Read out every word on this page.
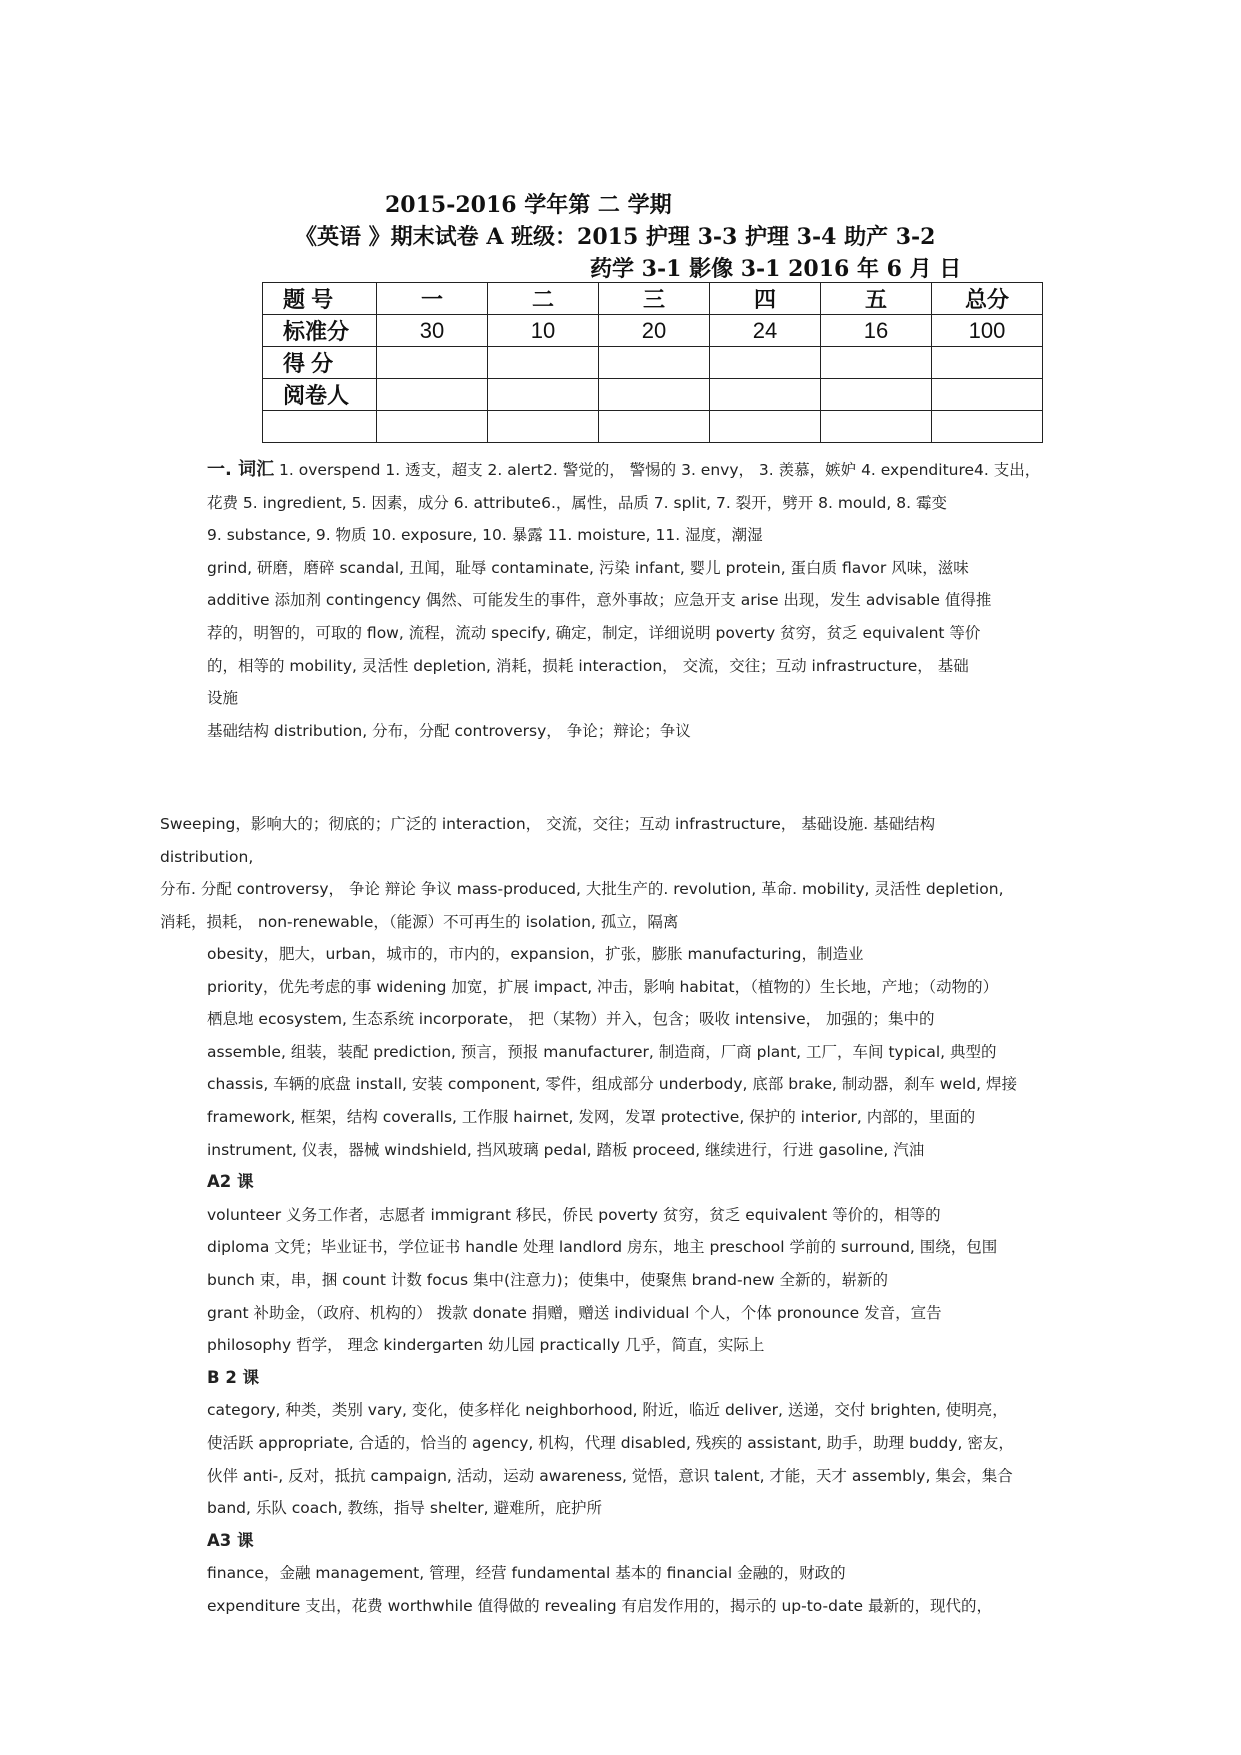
2015-2016 学年第 二 学期
《英语 》期末试卷 A 班级：2015 护理 3-3 护理 3-4 助产 3-2
药学 3-1 影像 3-1 2016 年 6 月 日
题 号	一	二	三	四	五	总分
标准分	30	10	20	24	16	100
得 分						
阅卷人						

一. 词汇 1. overspend 1. 透支，超支 2. alert2. 警觉的， 警惕的 3. envy， 3. 羡慕，嫉妒 4. expenditure4. 支出，

花费 5. ingredient, 5. 因素，成分 6. attribute6.，属性，品质 7. split, 7. 裂开，劈开 8. mould, 8. 霉变

9. substance, 9. 物质 10. exposure, 10. 暴露 11. moisture, 11. 湿度，潮湿

grind, 研磨，磨碎 scandal, 丑闻，耻辱 contaminate, 污染 infant, 婴儿 protein, 蛋白质 flavor 风味，滋味

additive 添加剂 contingency 偶然、可能发生的事件，意外事故；应急开支 arise 出现，发生 advisable 值得推

荐的，明智的，可取的 flow, 流程，流动 specify, 确定，制定，详细说明 poverty 贫穷，贫乏 equivalent 等价

的，相等的 mobility, 灵活性 depletion, 消耗，损耗 interaction， 交流，交往；互动 infrastructure， 基础

设施

基础结构 distribution, 分布，分配 controversy， 争论；辩论；争议

Sweeping，影响大的；彻底的；广泛的 interaction， 交流，交往；互动 infrastructure， 基础设施. 基础结构

distribution,

分布. 分配 controversy， 争论 辩论 争议 mass-produced, 大批生产的. revolution, 革命. mobility, 灵活性 depletion,

消耗，损耗， non-renewable，（能源）不可再生的 isolation, 孤立，隔离

obesity，肥大，urban，城市的，市内的，expansion，扩张，膨胀 manufacturing，制造业

priority，优先考虑的事 widening 加宽，扩展 impact, 冲击，影响 habitat，（植物的）生长地，产地；（动物的）

栖息地 ecosystem, 生态系统 incorporate， 把（某物）并入，包含；吸收 intensive， 加强的；集中的

assemble, 组装，装配 prediction, 预言，预报 manufacturer, 制造商，厂商 plant, 工厂，车间 typical, 典型的

chassis, 车辆的底盘 install, 安装 component, 零件，组成部分 underbody, 底部 brake, 制动器，刹车 weld, 焊接

framework, 框架，结构 coveralls, 工作服 hairnet, 发网，发罩 protective, 保护的 interior, 内部的，里面的

instrument, 仪表，器械 windshield, 挡风玻璃 pedal, 踏板 proceed, 继续进行，行进 gasoline, 汽油

A2 课

volunteer 义务工作者，志愿者 immigrant 移民，侨民 poverty 贫穷，贫乏 equivalent 等价的，相等的

diploma 文凭；毕业证书，学位证书 handle 处理 landlord 房东，地主 preschool 学前的 surround, 围绕，包围

bunch 束，串，捆 count 计数 focus 集中(注意力)；使集中，使聚焦 brand-new 全新的，崭新的

grant 补助金，（政府、机构的） 拨款 donate 捐赠，赠送 individual 个人，个体 pronounce 发音，宣告

philosophy 哲学， 理念 kindergarten 幼儿园 practically 几乎，简直，实际上

B 2 课

category, 种类，类别 vary, 变化，使多样化 neighborhood, 附近，临近 deliver, 送递，交付 brighten, 使明亮，

使活跃 appropriate, 合适的，恰当的 agency, 机构，代理 disabled, 残疾的 assistant, 助手，助理 buddy, 密友，

伙伴 anti-, 反对，抵抗 campaign, 活动，运动 awareness, 觉悟，意识 talent, 才能，天才 assembly, 集会，集合

band, 乐队 coach, 教练，指导 shelter, 避难所，庇护所

A3 课

finance，金融 management, 管理，经营 fundamental 基本的 financial 金融的，财政的

expenditure 支出，花费 worthwhile 值得做的 revealing 有启发作用的，揭示的 up-to-date 最新的，现代的，
